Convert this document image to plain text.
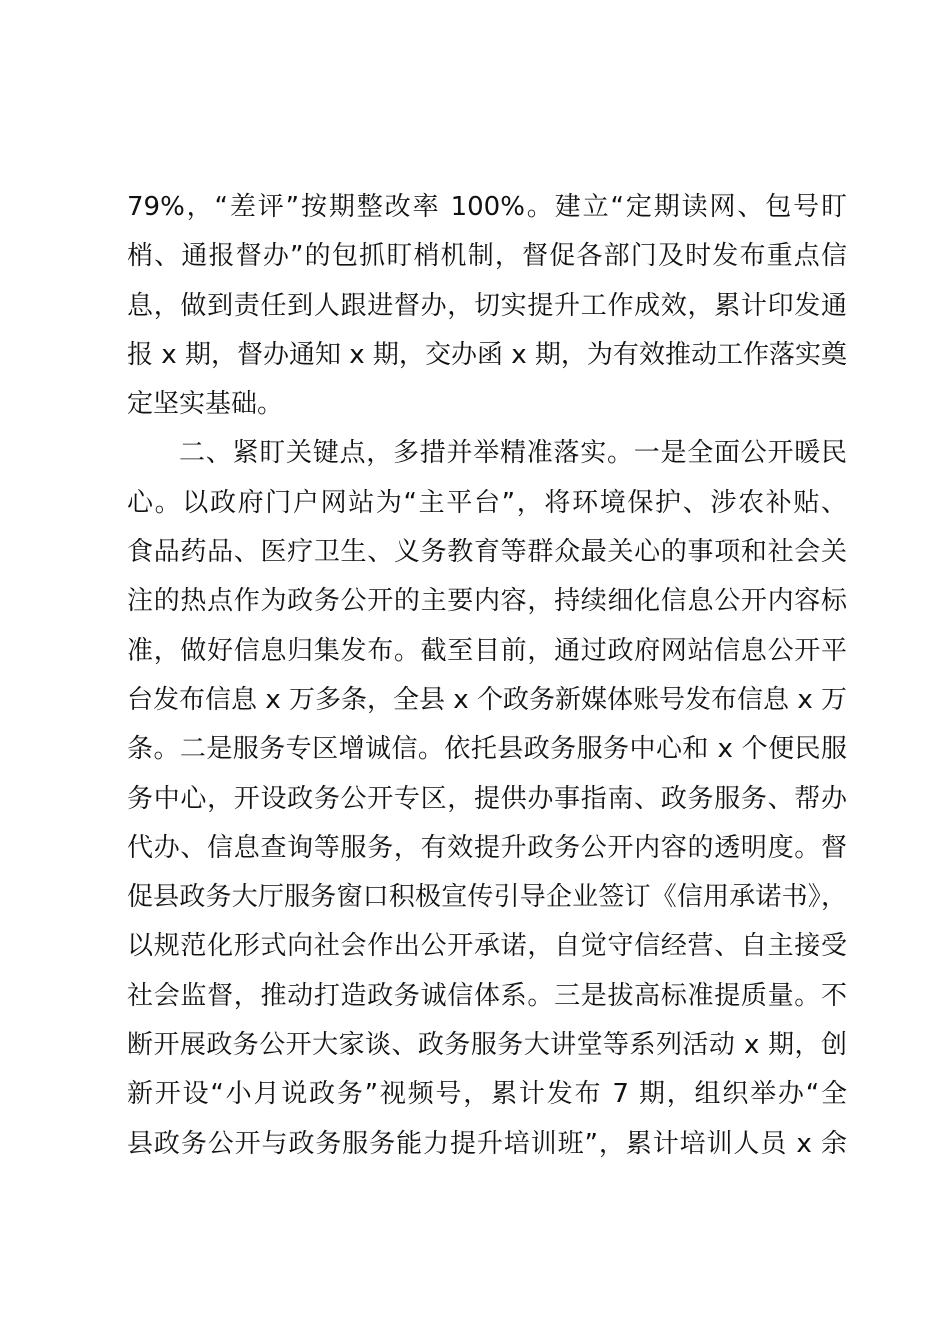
79%，“差评”按期整改率 100%。建立“定期读网、包号盯
梢、通报督办”的包抓盯梢机制，督促各部门及时发布重点信
息，做到责任到人跟进督办，切实提升工作成效，累计印发通
报 x 期，督办通知 x 期，交办函 x 期，为有效推动工作落实奠
定坚实基础。
二、紧盯关键点，多措并举精准落实。一是全面公开暖民
心。以政府门户网站为“主平台”，将环境保护、涉农补贴、
食品药品、医疗卫生、义务教育等群众最关心的事项和社会关
注的热点作为政务公开的主要内容，持续细化信息公开内容标
准，做好信息归集发布。截至目前，通过政府网站信息公开平
台发布信息 x 万多条，全县 x 个政务新媒体账号发布信息 x 万
条。二是服务专区增诚信。依托县政务服务中心和 x 个便民服
务中心，开设政务公开专区，提供办事指南、政务服务、帮办
代办、信息查询等服务，有效提升政务公开内容的透明度。督
促县政务大厅服务窗口积极宣传引导企业签订《信用承诺书》，
以规范化形式向社会作出公开承诺，自觉守信经营、自主接受
社会监督，推动打造政务诚信体系。三是拔高标准提质量。不
断开展政务公开大家谈、政务服务大讲堂等系列活动 x 期，创
新开设“小月说政务”视频号，累计发布 7 期，组织举办“全
县政务公开与政务服务能力提升培训班”，累计培训人员 x 余
